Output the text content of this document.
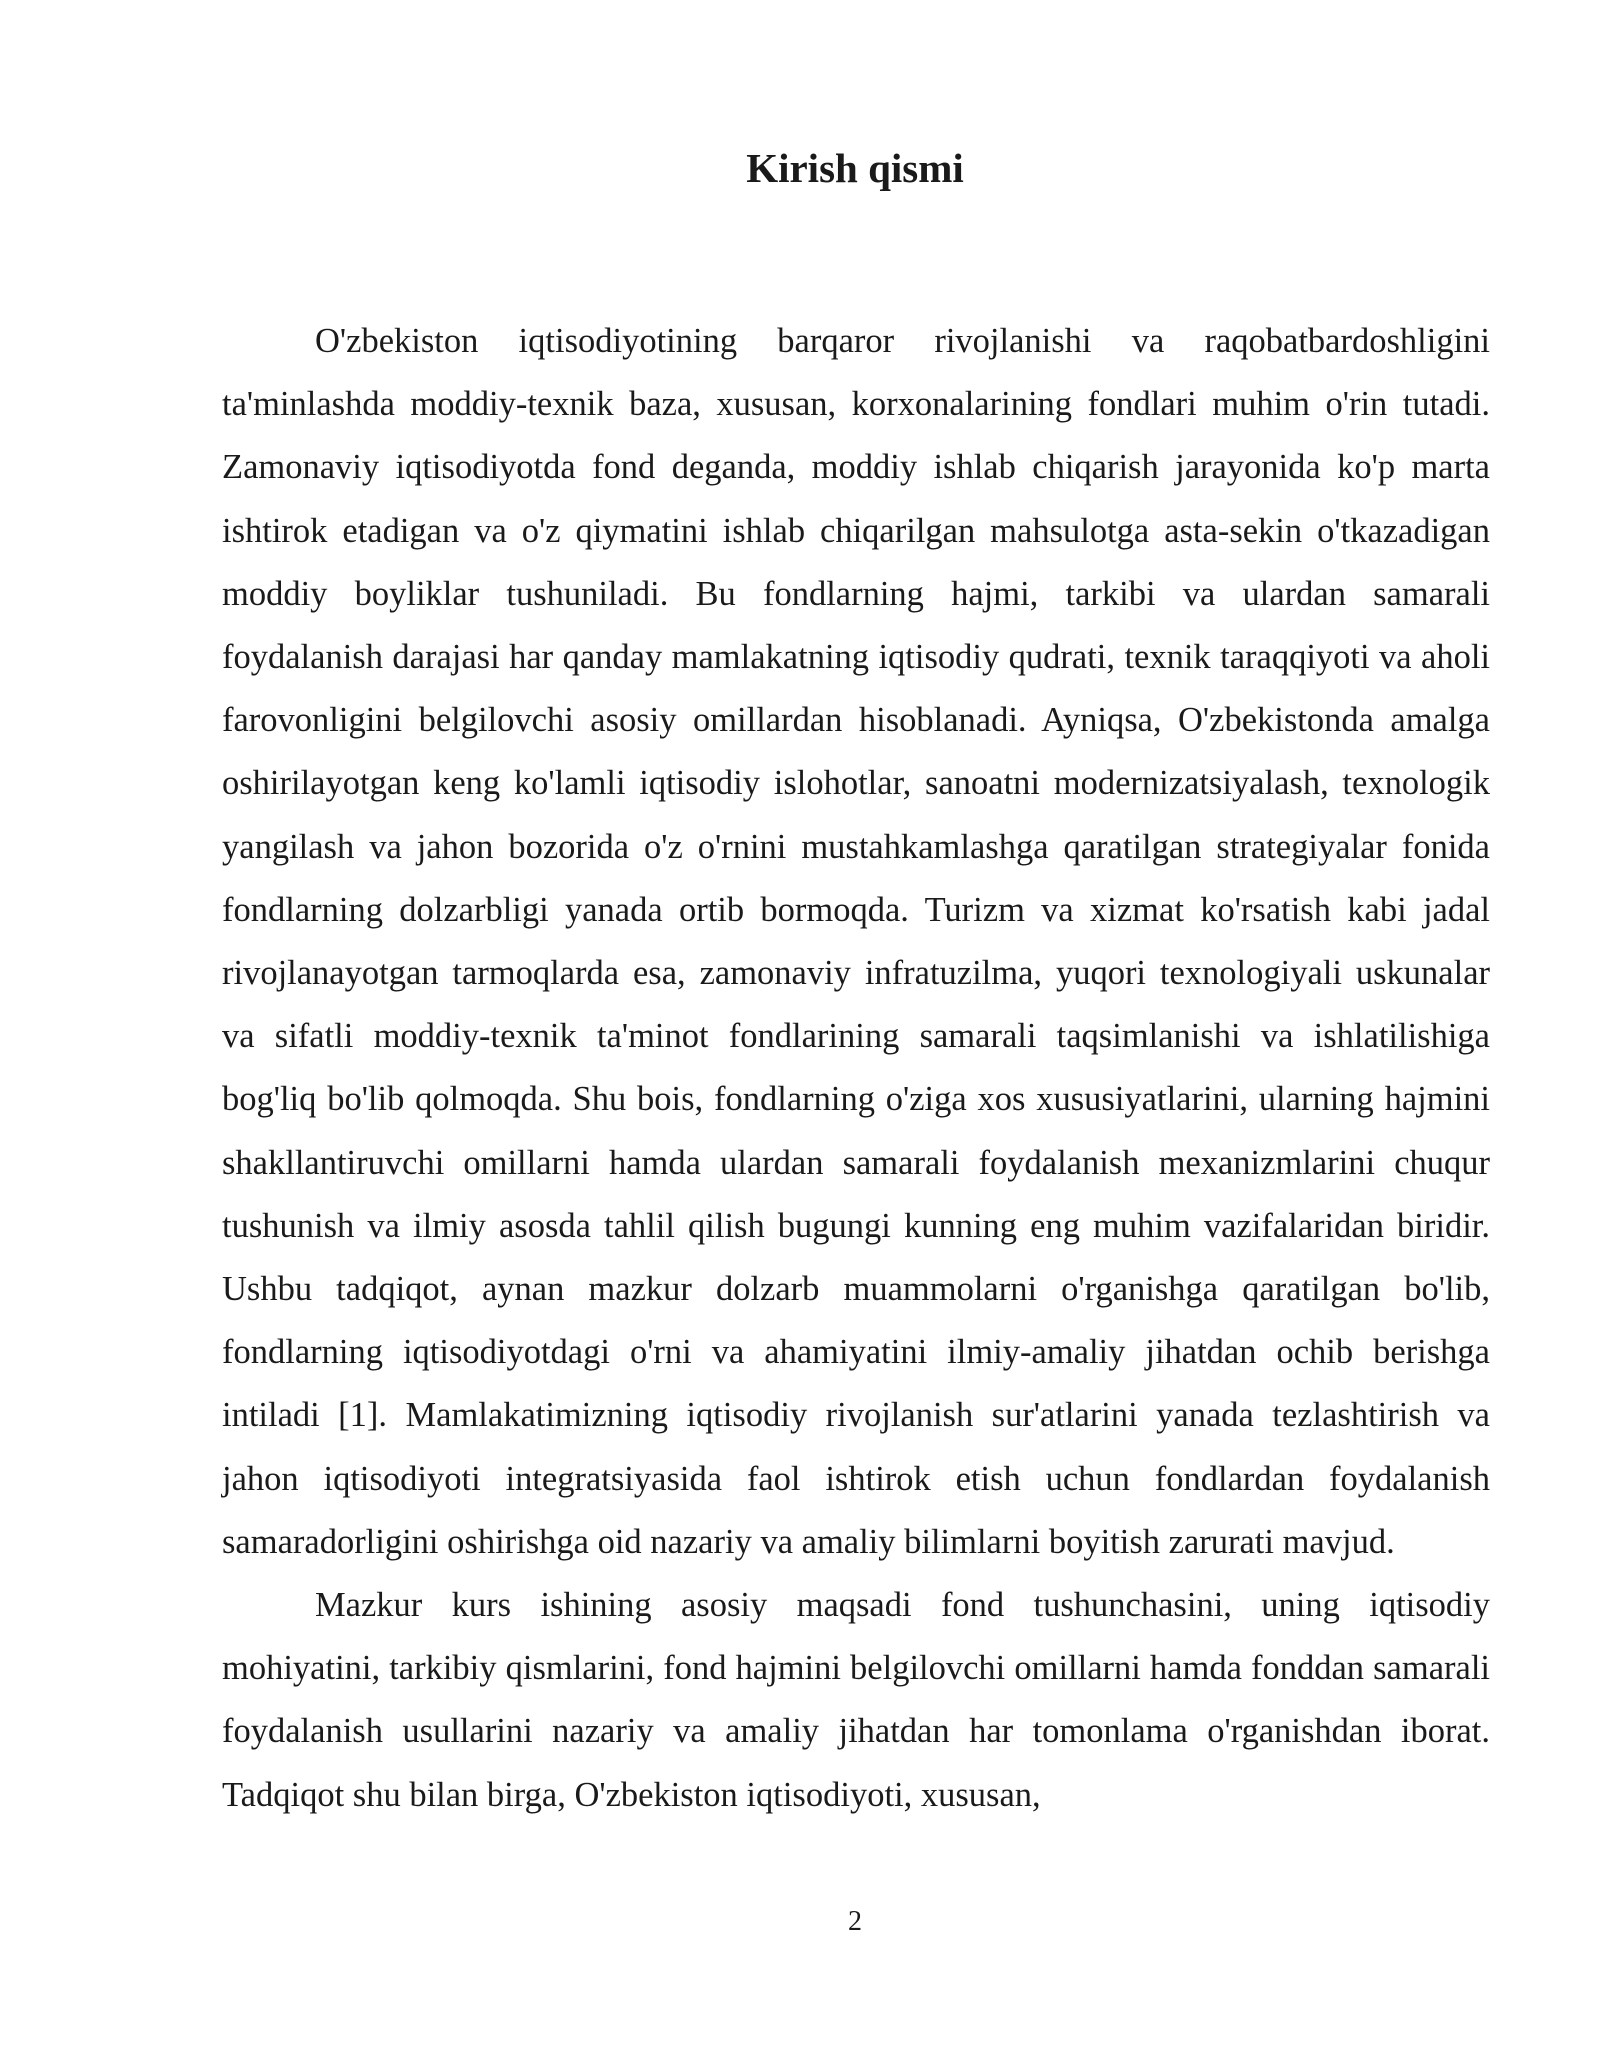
Kirish qismi

O'zbekiston iqtisodiyotining barqaror rivojlanishi va raqobatbardoshligini ta'minlashda moddiy-texnik baza, xususan, korxonalarining fondlari muhim o'rin tutadi. Zamonaviy iqtisodiyotda fond deganda, moddiy ishlab chiqarish jarayonida ko'p marta ishtirok etadigan va o'z qiymatini ishlab chiqarilgan mahsulotga asta-sekin o'tkazadigan moddiy boyliklar tushuniladi. Bu fondlarning hajmi, tarkibi va ulardan samarali foydalanish darajasi har qanday mamlakatning iqtisodiy qudrati, texnik taraqqiyoti va aholi farovonligini belgilovchi asosiy omillardan hisoblanadi. Ayniqsa, O'zbekistonda amalga oshirilayotgan keng ko'lamli iqtisodiy islohotlar, sanoatni modernizatsiyalash, texnologik yangilash va jahon bozorida o'z o'rnini mustahkamlashga qaratilgan strategiyalar fonida fondlarning dolzarbligi yanada ortib bormoqda. Turizm va xizmat ko'rsatish kabi jadal rivojlanayotgan tarmoqlarda esa, zamonaviy infratuzilma, yuqori texnologiyali uskunalar va sifatli moddiy-texnik ta'minot fondlarining samarali taqsimlanishi va ishlatilishiga bog'liq bo'lib qolmoqda. Shu bois, fondlarning o'ziga xos xususiyatlarini, ularning hajmini shakllantiruvchi omillarni hamda ulardan samarali foydalanish mexanizmlarini chuqur tushunish va ilmiy asosda tahlil qilish bugungi kunning eng muhim vazifalaridan biridir. Ushbu tadqiqot, aynan mazkur dolzarb muammolarni o'rganishga qaratilgan bo'lib, fondlarning iqtisodiyotdagi o'rni va ahamiyatini ilmiy-amaliy jihatdan ochib berishga intiladi [1]. Mamlakatimizning iqtisodiy rivojlanish sur'atlarini yanada tezlashtirish va jahon iqtisodiyoti integratsiyasida faol ishtirok etish uchun fondlardan foydalanish samaradorligini oshirishga oid nazariy va amaliy bilimlarni boyitish zarurati mavjud.

Mazkur kurs ishining asosiy maqsadi fond tushunchasini, uning iqtisodiy mohiyatini, tarkibiy qismlarini, fond hajmini belgilovchi omillarni hamda fonddan samarali foydalanish usullarini nazariy va amaliy jihatdan har tomonlama o'rganishdan iborat. Tadqiqot shu bilan birga, O'zbekiston iqtisodiyoti, xususan,

2
